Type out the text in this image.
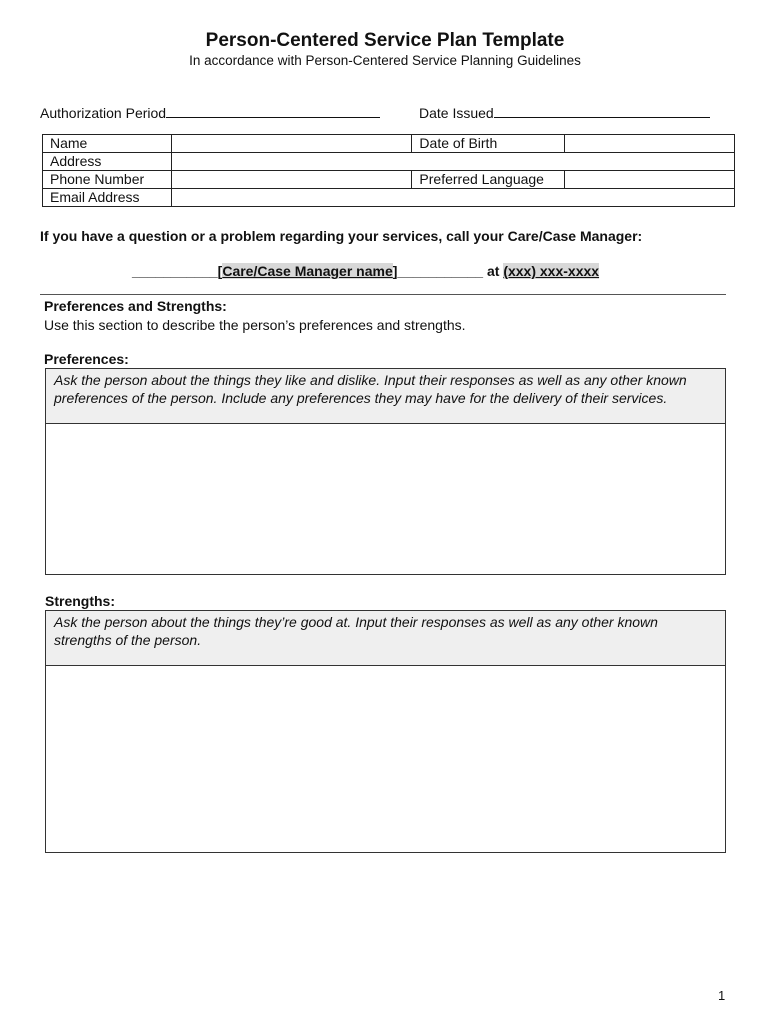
Person-Centered Service Plan Template
In accordance with Person-Centered Service Planning Guidelines
Authorization Period	Date Issued
Name		Date of Birth	
Address			
Phone Number		Preferred Language	
Email Address			
If you have a question or a problem regarding your services, call your Care/Case Manager:
___________[Care/Case Manager name]___________ at (xxx) xxx-xxxx
Preferences and Strengths:
Use this section to describe the person’s preferences and strengths.
Preferences:
Ask the person about the things they like and dislike. Input their responses as well as any other known preferences of the person. Include any preferences they may have for the delivery of their services.
Strengths:
Ask the person about the things they’re good at. Input their responses as well as any other known strengths of the person.
1
